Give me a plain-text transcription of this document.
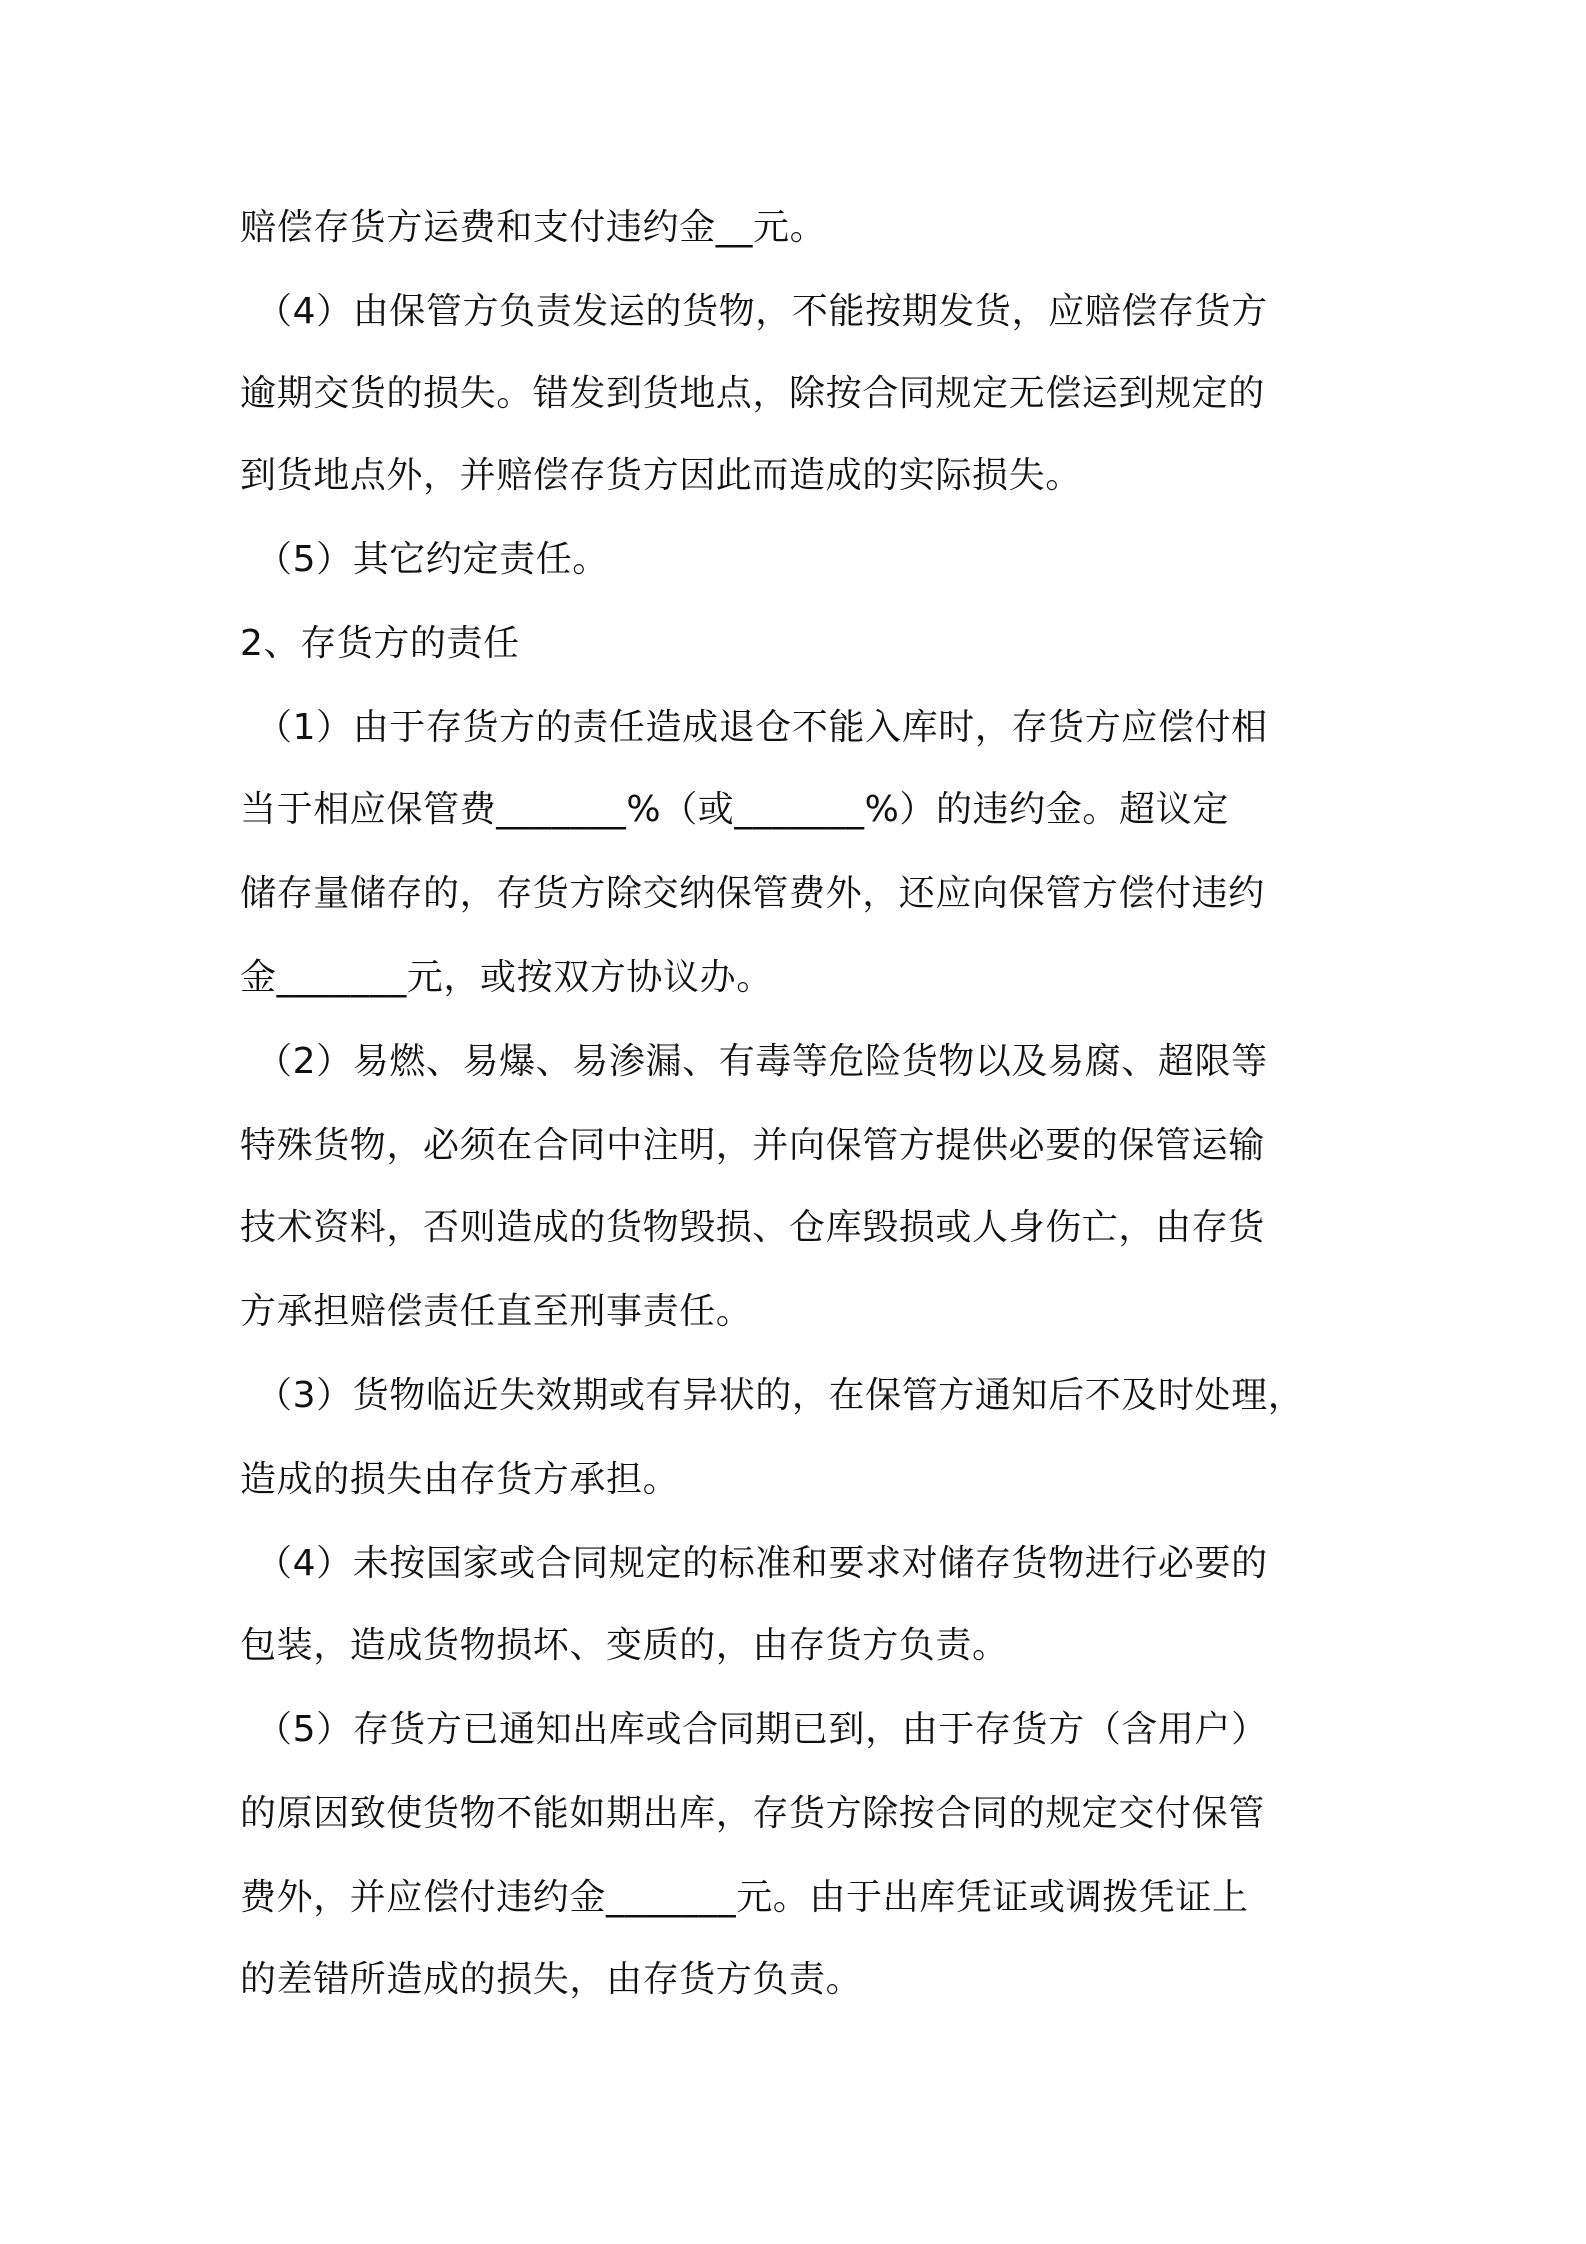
赔偿存货方运费和支付违约金__元。
（4）由保管方负责发运的货物，不能按期发货，应赔偿存货方
逾期交货的损失。错发到货地点，除按合同规定无偿运到规定的
到货地点外，并赔偿存货方因此而造成的实际损失。
（5）其它约定责任。
2、存货方的责任
（1）由于存货方的责任造成退仓不能入库时，存货方应偿付相
当于相应保管费_______%（或_______%）的违约金。超议定
储存量储存的，存货方除交纳保管费外，还应向保管方偿付违约
金_______元，或按双方协议办。
（2）易燃、易爆、易渗漏、有毒等危险货物以及易腐、超限等
特殊货物，必须在合同中注明，并向保管方提供必要的保管运输
技术资料，否则造成的货物毁损、仓库毁损或人身伤亡，由存货
方承担赔偿责任直至刑事责任。
（3）货物临近失效期或有异状的，在保管方通知后不及时处理，
造成的损失由存货方承担。
（4）未按国家或合同规定的标准和要求对储存货物进行必要的
包装，造成货物损坏、变质的，由存货方负责。
（5）存货方已通知出库或合同期已到，由于存货方（含用户）
的原因致使货物不能如期出库，存货方除按合同的规定交付保管
费外，并应偿付违约金_______元。由于出库凭证或调拨凭证上
的差错所造成的损失，由存货方负责。
